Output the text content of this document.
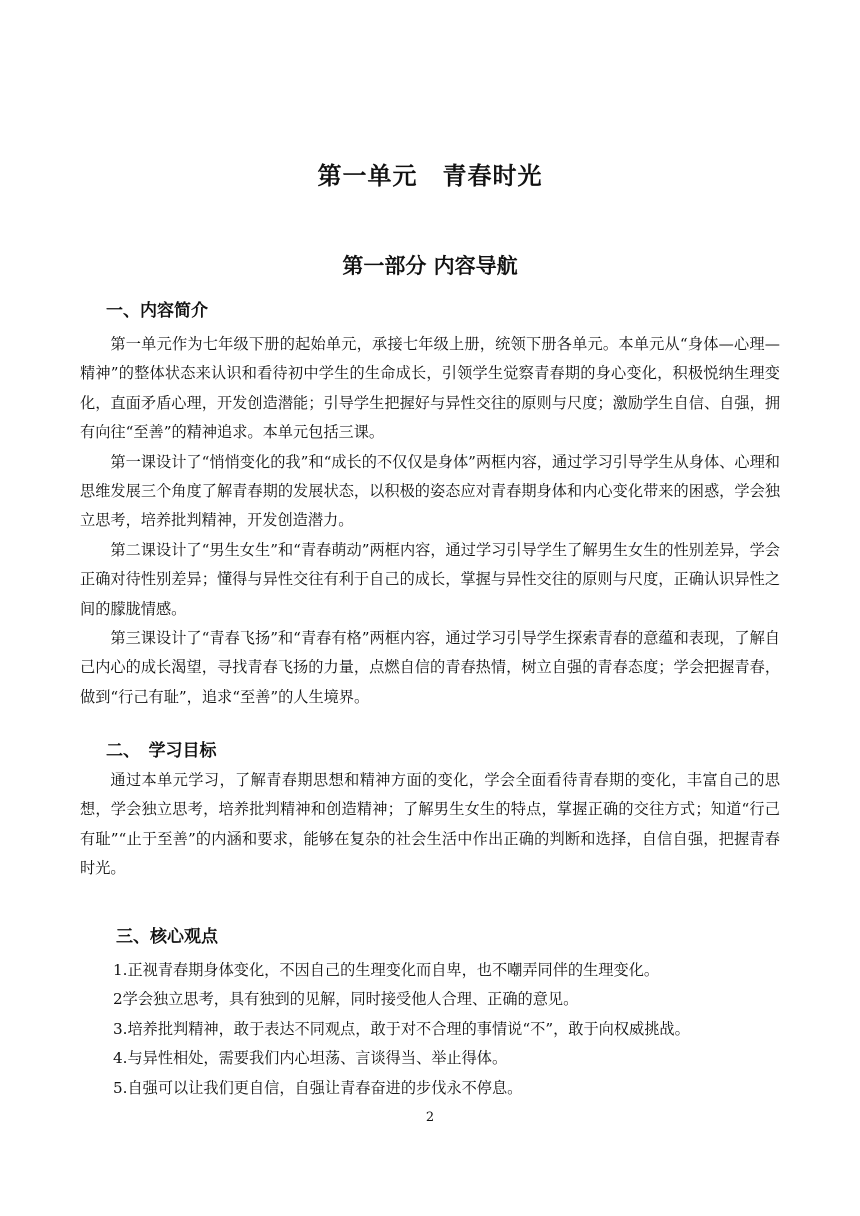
第一单元　青春时光
第一部分 内容导航
一、内容简介

第一单元作为七年级下册的起始单元，承接七年级上册，统领下册各单元。本单元从“身体—心理—精神”的整体状态来认识和看待初中学生的生命成长，引领学生觉察青春期的身心变化，积极悦纳生理变化，直面矛盾心理，开发创造潜能；引导学生把握好与异性交往的原则与尺度；激励学生自信、自强，拥有向往“至善”的精神追求。本单元包括三课。

第一课设计了“悄悄变化的我”和“成长的不仅仅是身体”两框内容，通过学习引导学生从身体、心理和思维发展三个角度了解青春期的发展状态，以积极的姿态应对青春期身体和内心变化带来的困惑，学会独立思考，培养批判精神，开发创造潜力。

第二课设计了“男生女生”和“青春萌动”两框内容，通过学习引导学生了解男生女生的性别差异，学会正确对待性别差异；懂得与异性交往有利于自己的成长，掌握与异性交往的原则与尺度，正确认识异性之间的朦胧情感。

第三课设计了“青春飞扬”和“青春有格”两框内容，通过学习引导学生探索青春的意蕴和表现，了解自己内心的成长渴望，寻找青春飞扬的力量，点燃自信的青春热情，树立自强的青春态度；学会把握青春，做到“行己有耻”，追求“至善”的人生境界。

二、　学习目标

通过本单元学习，了解青春期思想和精神方面的变化，学会全面看待青春期的变化，丰富自己的思想，学会独立思考，培养批判精神和创造精神；了解男生女生的特点，掌握正确的交往方式；知道“行己有耻”“止于至善”的内涵和要求，能够在复杂的社会生活中作出正确的判断和选择，自信自强，把握青春时光。

三、核心观点
1.正视青春期身体变化，不因自己的生理变化而自卑，也不嘲弄同伴的生理变化。
2学会独立思考，具有独到的见解，同时接受他人合理、正确的意见。
3.培养批判精神，敢于表达不同观点，敢于对不合理的事情说“不”，敢于向权威挑战。
4.与异性相处，需要我们内心坦荡、言谈得当、举止得体。
5.自强可以让我们更自信，自强让青春奋进的步伐永不停息。
2
